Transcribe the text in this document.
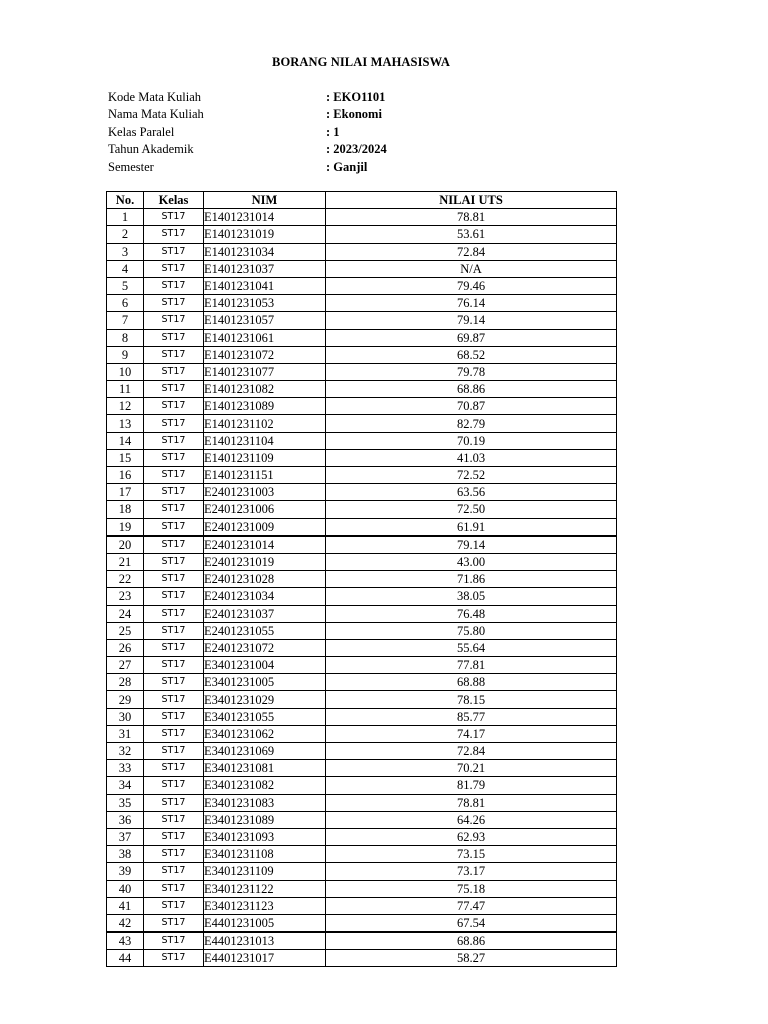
BORANG NILAI MAHASISWA
Kode Mata Kuliah	: EKO1101
Nama Mata Kuliah	: Ekonomi
Kelas Paralel	: 1
Tahun Akademik	: 2023/2024
Semester	: Ganjil
No.	Kelas	NIM	NILAI UTS
1	ST17	E1401231014	78.81
2	ST17	E1401231019	53.61
3	ST17	E1401231034	72.84
4	ST17	E1401231037	N/A
5	ST17	E1401231041	79.46
6	ST17	E1401231053	76.14
7	ST17	E1401231057	79.14
8	ST17	E1401231061	69.87
9	ST17	E1401231072	68.52
10	ST17	E1401231077	79.78
11	ST17	E1401231082	68.86
12	ST17	E1401231089	70.87
13	ST17	E1401231102	82.79
14	ST17	E1401231104	70.19
15	ST17	E1401231109	41.03
16	ST17	E1401231151	72.52
17	ST17	E2401231003	63.56
18	ST17	E2401231006	72.50
19	ST17	E2401231009	61.91
20	ST17	E2401231014	79.14
21	ST17	E2401231019	43.00
22	ST17	E2401231028	71.86
23	ST17	E2401231034	38.05
24	ST17	E2401231037	76.48
25	ST17	E2401231055	75.80
26	ST17	E2401231072	55.64
27	ST17	E3401231004	77.81
28	ST17	E3401231005	68.88
29	ST17	E3401231029	78.15
30	ST17	E3401231055	85.77
31	ST17	E3401231062	74.17
32	ST17	E3401231069	72.84
33	ST17	E3401231081	70.21
34	ST17	E3401231082	81.79
35	ST17	E3401231083	78.81
36	ST17	E3401231089	64.26
37	ST17	E3401231093	62.93
38	ST17	E3401231108	73.15
39	ST17	E3401231109	73.17
40	ST17	E3401231122	75.18
41	ST17	E3401231123	77.47
42	ST17	E4401231005	67.54
43	ST17	E4401231013	68.86
44	ST17	E4401231017	58.27
